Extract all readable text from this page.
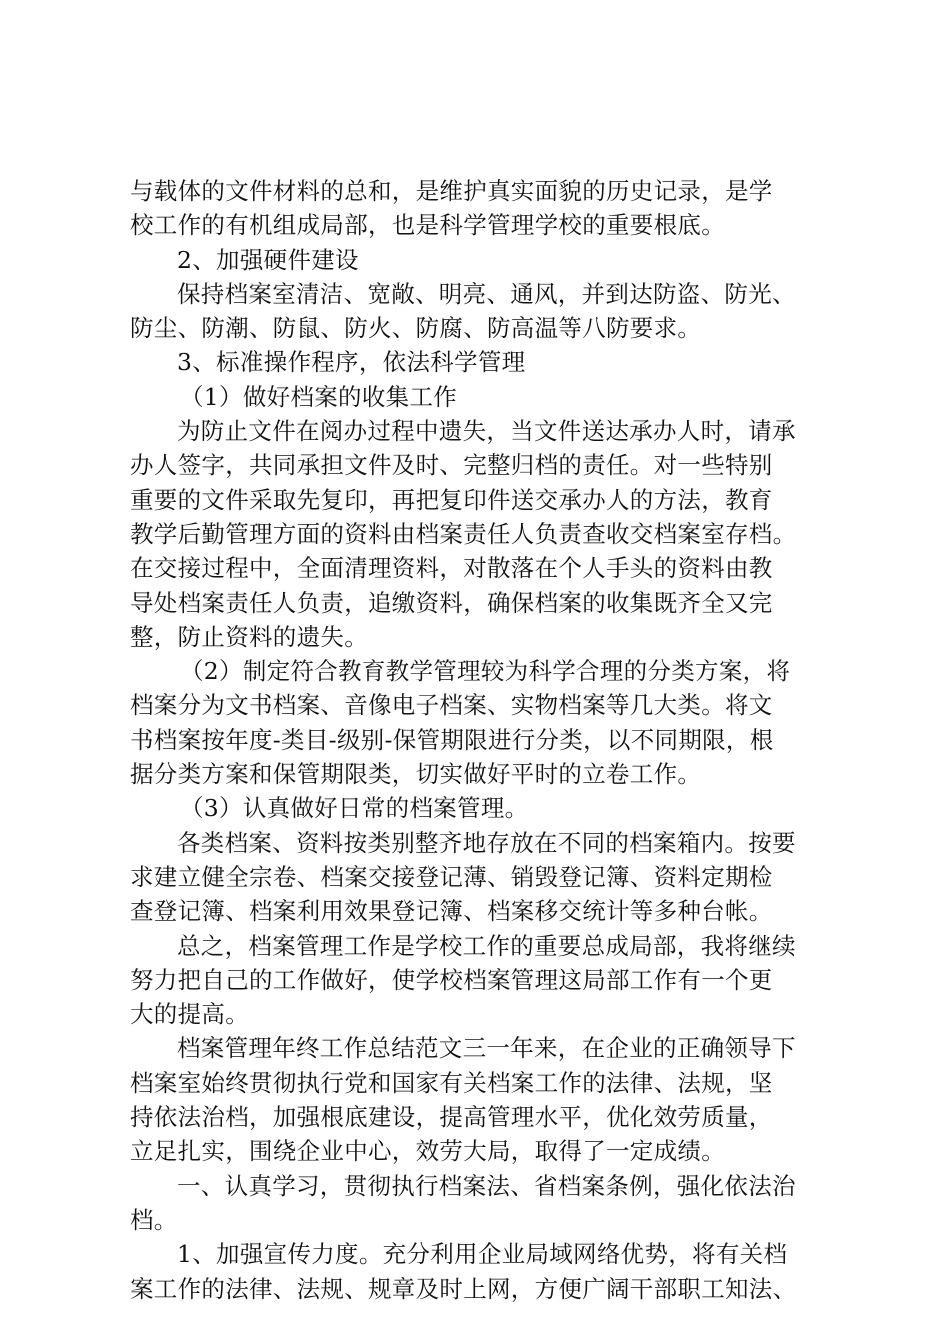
与载体的文件材料的总和，是维护真实面貌的历史记录，是学
校工作的有机组成局部，也是科学管理学校的重要根底。
2、加强硬件建设
保持档案室清洁、宽敞、明亮、通风，并到达防盗、防光、
防尘、防潮、防鼠、防火、防腐、防高温等八防要求。
3、标准操作程序，依法科学管理
（1）做好档案的收集工作
为防止文件在阅办过程中遗失，当文件送达承办人时，请承
办人签字，共同承担文件及时、完整归档的责任。对一些特别
重要的文件采取先复印，再把复印件送交承办人的方法，教育
教学后勤管理方面的资料由档案责任人负责查收交档案室存档。
在交接过程中，全面清理资料，对散落在个人手头的资料由教
导处档案责任人负责，追缴资料，确保档案的收集既齐全又完
整，防止资料的遗失。
（2）制定符合教育教学管理较为科学合理的分类方案，将
档案分为文书档案、音像电子档案、实物档案等几大类。将文
书档案按年度-类目-级别-保管期限进行分类，以不同期限，根
据分类方案和保管期限类，切实做好平时的立卷工作。
（3）认真做好日常的档案管理。
各类档案、资料按类别整齐地存放在不同的档案箱内。按要
求建立健全宗卷、档案交接登记薄、销毁登记簿、资料定期检
查登记簿、档案利用效果登记簿、档案移交统计等多种台帐。
总之，档案管理工作是学校工作的重要总成局部，我将继续
努力把自己的工作做好，使学校档案管理这局部工作有一个更
大的提高。
档案管理年终工作总结范文三一年来，在企业的正确领导下
档案室始终贯彻执行党和国家有关档案工作的法律、法规，坚
持依法治档，加强根底建设，提高管理水平，优化效劳质量，
立足扎实，围绕企业中心，效劳大局，取得了一定成绩。
一、认真学习，贯彻执行档案法、省档案条例，强化依法治
档。
1、加强宣传力度。充分利用企业局域网络优势，将有关档
案工作的法律、法规、规章及时上网，方便广阔干部职工知法、
